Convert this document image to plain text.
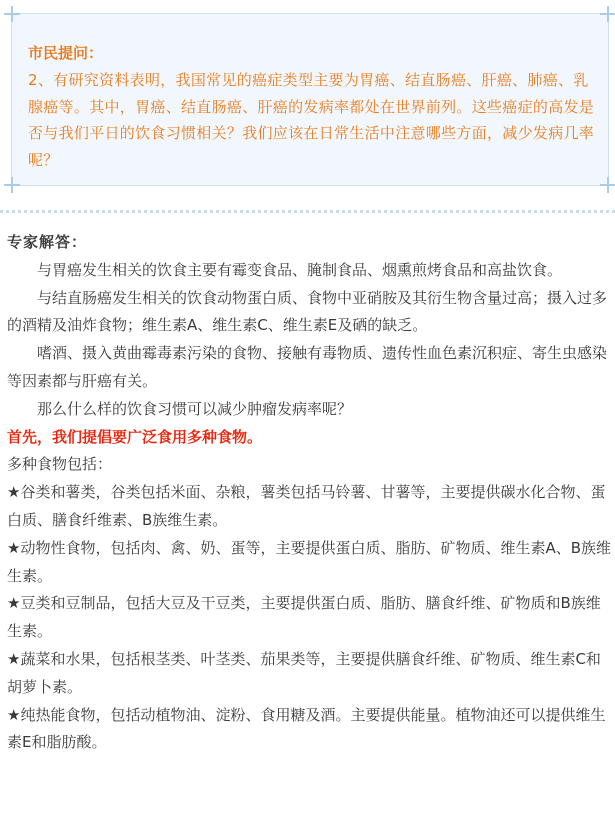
市民提问：
2、有研究资料表明，我国常见的癌症类型主要为胃癌、结直肠癌、肝癌、肺癌、乳腺癌等。其中，胃癌、结直肠癌、肝癌的发病率都处在世界前列。这些癌症的高发是否与我们平日的饮食习惯相关？我们应该在日常生活中注意哪些方面，减少发病几率呢？

专家解答：

与胃癌发生相关的饮食主要有霉变食品、腌制食品、烟熏煎烤食品和高盐饮食。

与结直肠癌发生相关的饮食动物蛋白质、食物中亚硝胺及其衍生物含量过高；摄入过多的酒精及油炸食物；维生素A、维生素C、维生素E及硒的缺乏。

嗜酒、摄入黄曲霉毒素污染的食物、接触有毒物质、遗传性血色素沉积症、寄生虫感染等因素都与肝癌有关。

那么什么样的饮食习惯可以减少肿瘤发病率呢？

首先，我们提倡要广泛食用多种食物。

多种食物包括：

★谷类和薯类，谷类包括米面、杂粮，薯类包括马铃薯、甘薯等，主要提供碳水化合物、蛋白质、膳食纤维素、B族维生素。

★动物性食物，包括肉、禽、奶、蛋等，主要提供蛋白质、脂肪、矿物质、维生素A、B族维生素。

★豆类和豆制品，包括大豆及干豆类，主要提供蛋白质、脂肪、膳食纤维、矿物质和B族维生素。

★蔬菜和水果，包括根茎类、叶茎类、茄果类等，主要提供膳食纤维、矿物质、维生素C和胡萝卜素。

★纯热能食物，包括动植物油、淀粉、食用糖及酒。主要提供能量。植物油还可以提供维生素E和脂肪酸。
